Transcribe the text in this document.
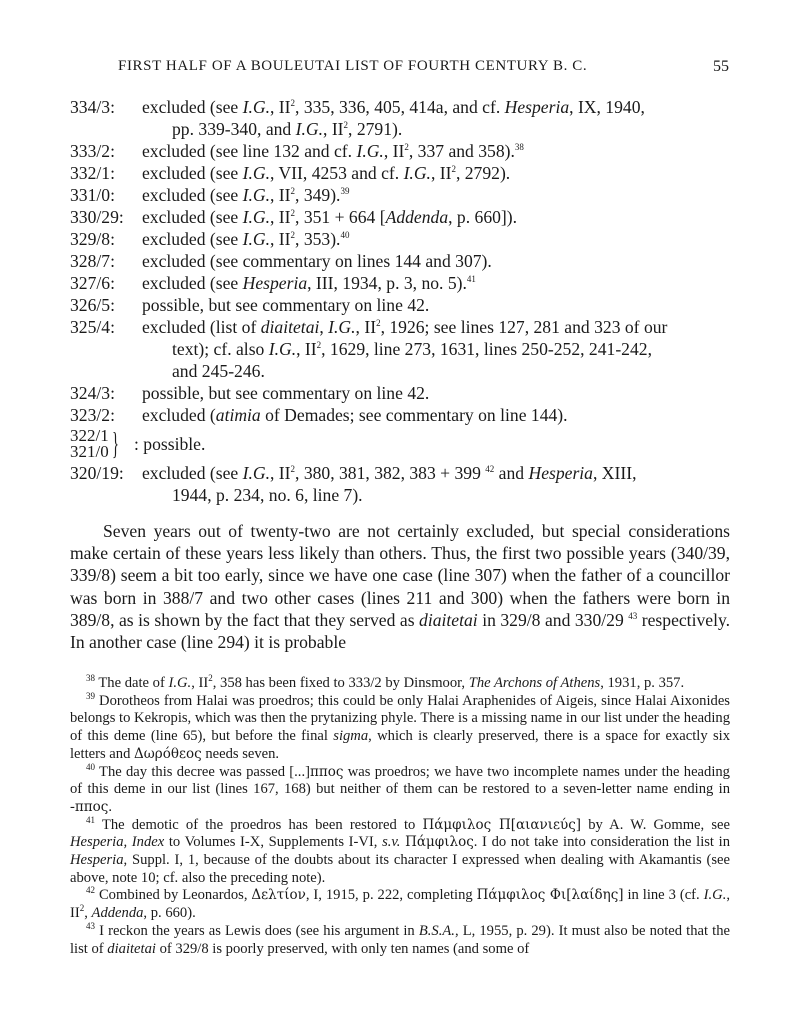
FIRST HALF OF A BOULEUTAI LIST OF FOURTH CENTURY B. C.	55
334/3:	excluded (see I.G., $II^2$, 335, 336, 405, 414a, and cf. Hesperia, IX, 1940,
pp. 339-340, and I.G., $II^2$, 2791).
333/2:	excluded (see line 132 and cf. I.G., $II^2$, 337 and 358).$^{38}$
332/1:	excluded (see I.G., VII, 4253 and cf. I.G., $II^2$, 2792).
331/0:	excluded (see I.G., $II^2$, 349).$^{39}$
330/29:	excluded (see I.G., $II^2$, 351 + 664 [Addenda, p. 660]).
329/8:	excluded (see I.G., $II^2$, 353).$^{40}$
328/7:	excluded (see commentary on lines 144 and 307).
327/6:	excluded (see Hesperia, III, 1934, p. 3, no. 5).$^{41}$
326/5:	possible, but see commentary on line 42.
325/4:	excluded (list of diaitetai, I.G., $II^2$, 1926; see lines 127, 281 and 323 of our
text); cf. also I.G., $II^2$, 1629, line 273, 1631, lines 250-252, 241-242,
and 245-246.
324/3:	possible, but see commentary on line 42.
323/2:	excluded (atimia of Demades; see commentary on line 144).
322/1
321/0 } : possible.
320/19:	excluded (see I.G., $II^2$, 380, 381, 382, 383 + 399 $^{42}$ and Hesperia, XIII,
1944, p. 234, no. 6, line 7).

Seven years out of twenty-two are not certainly excluded, but special considerations make certain of these years less likely than others. Thus, the first two possible years (340/39, 339/8) seem a bit too early, since we have one case (line 307) when the father of a councillor was born in 388/7 and two other cases (lines 211 and 300) when the fathers were born in 389/8, as is shown by the fact that they served as diaitetai in 329/8 and 330/29 $^{43}$ respectively. In another case (line 294) it is probable

$^{38}$ The date of I.G., $II^2$, 358 has been fixed to 333/2 by Dinsmoor, The Archons of Athens, 1931, p. 357.

$^{39}$ Dorotheos from Halai was proedros; this could be only Halai Araphenides of Aigeis, since Halai Aixonides belongs to Kekropis, which was then the prytanizing phyle. There is a missing name in our list under the heading of this deme (line 65), but before the final sigma, which is clearly preserved, there is a space for exactly six letters and Δωρόθεος needs seven.

$^{40}$ The day this decree was passed [...]ππος was proedros; we have two incomplete names under the heading of this deme in our list (lines 167, 168) but neither of them can be restored to a seven-letter name ending in -ππος.

$^{41}$ The demotic of the proedros has been restored to Πάμφιλος Π[αιανιεύς] by A. W. Gomme, see Hesperia, Index to Volumes I-X, Supplements I-VI, s.v. Πάμφιλος. I do not take into consideration the list in Hesperia, Suppl. I, 1, because of the doubts about its character I expressed when dealing with Akamantis (see above, note 10; cf. also the preceding note).

$^{42}$ Combined by Leonardos, Δελτίον, I, 1915, p. 222, completing Πάμφιλος Φι[λαίδης] in line 3 (cf. I.G., $II^2$, Addenda, p. 660).

$^{43}$ I reckon the years as Lewis does (see his argument in B.S.A., L, 1955, p. 29). It must also be noted that the list of diaitetai of 329/8 is poorly preserved, with only ten names (and some of
